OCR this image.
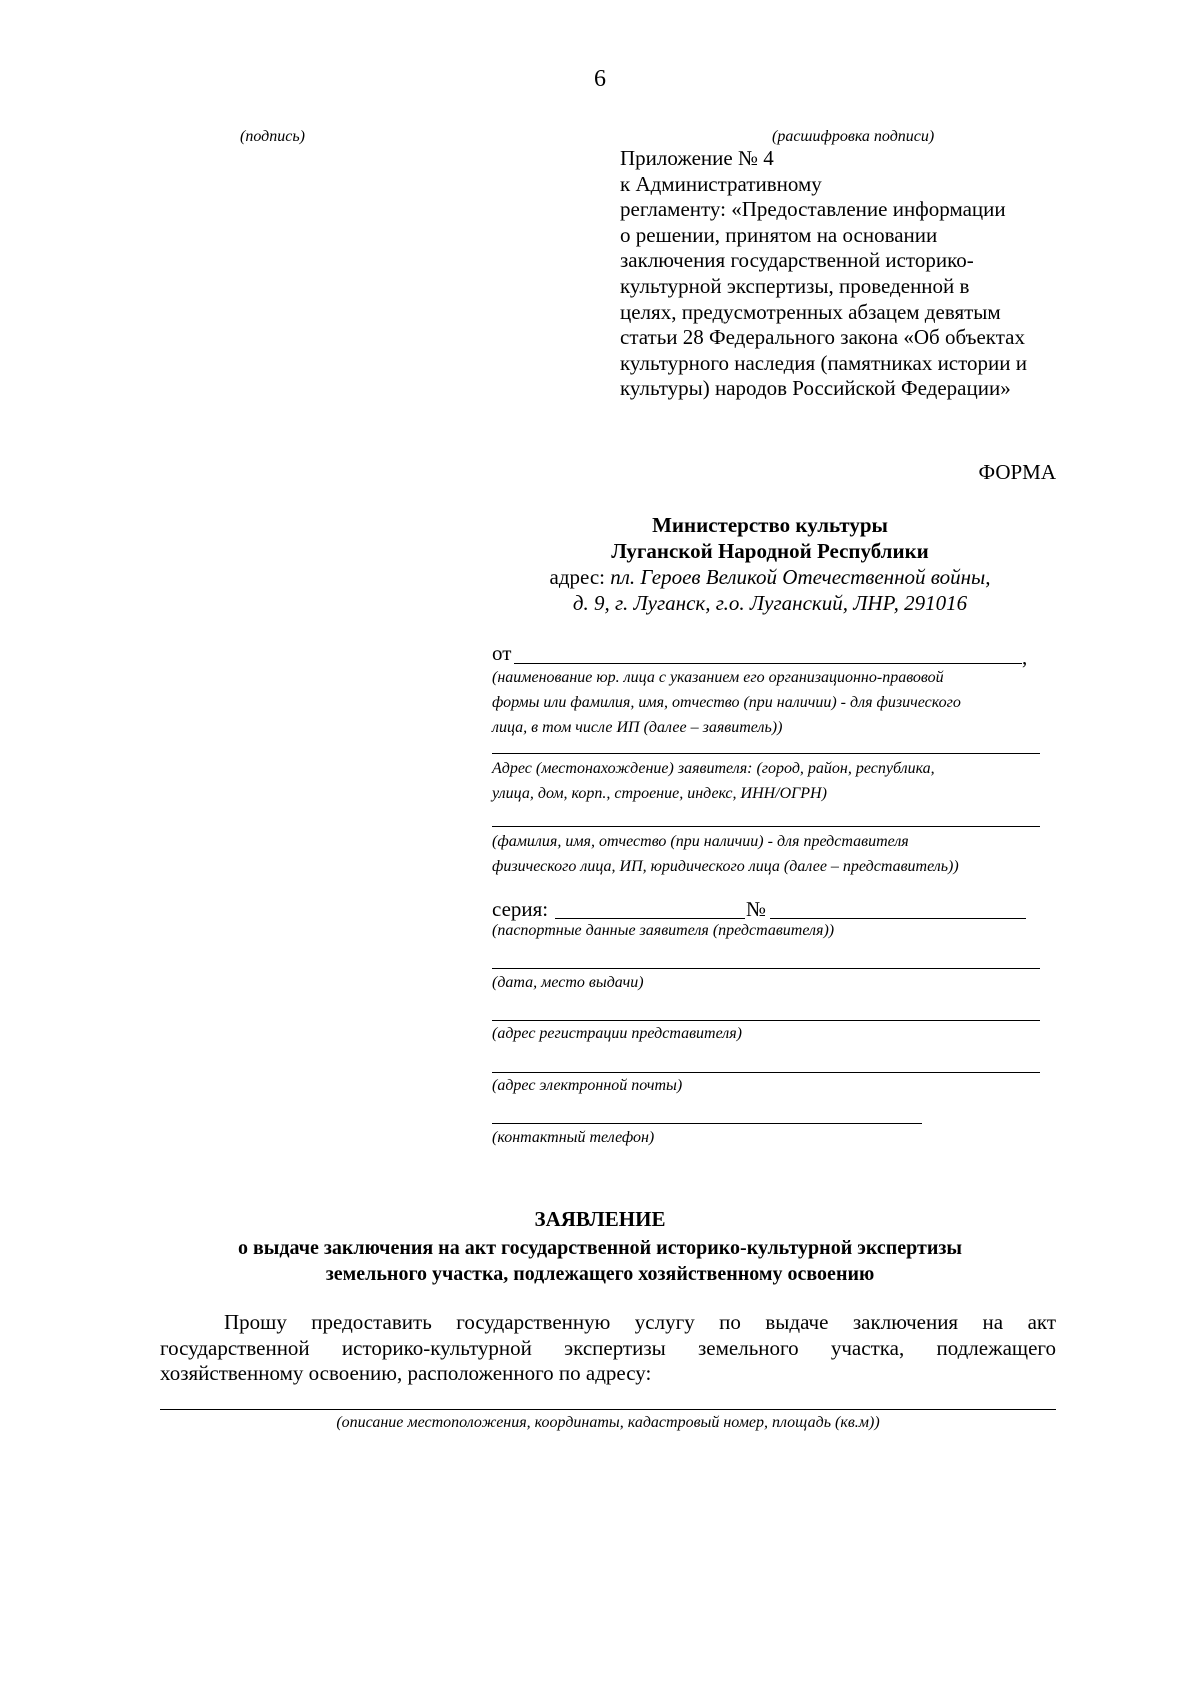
6
(подпись)	(расшифровка подписи)
Приложение № 4
к Административному
регламенту: «Предоставление информации
о решении, принятом на основании
заключения государственной историко-
культурной экспертизы, проведенной в
целях, предусмотренных абзацем девятым
статьи 28 Федерального закона «Об объектах
культурного наследия (памятниках истории и
культуры) народов Российской Федерации»
ФОРМА
Министерство культуры
Луганской Народной Республики
адрес: пл. Героев Великой Отечественной войны,
д. 9, г. Луганск, г.о. Луганский, ЛНР, 291016
от	,
(наименование юр. лица с указанием его организационно-правовой
формы или фамилия, имя, отчество (при наличии) - для физического
лица, в том числе ИП (далее – заявитель))
Адрес (местонахождение) заявителя: (город, район, республика,
улица, дом, корп., строение, индекс, ИНН/ОГРН)
(фамилия, имя, отчество (при наличии) - для представителя
физического лица, ИП, юридического лица (далее – представитель))
серия:	№
(паспортные данные заявителя (представителя))
(дата, место выдачи)
(адрес регистрации представителя)
(адрес электронной почты)
(контактный телефон)
ЗАЯВЛЕНИЕ
о выдаче заключения на акт государственной историко-культурной экспертизы
земельного участка, подлежащего хозяйственному освоению
Прошу предоставить государственную услугу по выдаче заключения на акт государственной историко-культурной экспертизы земельного участка, подлежащего хозяйственному освоению, расположенного по адресу:
(описание местоположения, координаты, кадастровый номер, площадь (кв.м))
